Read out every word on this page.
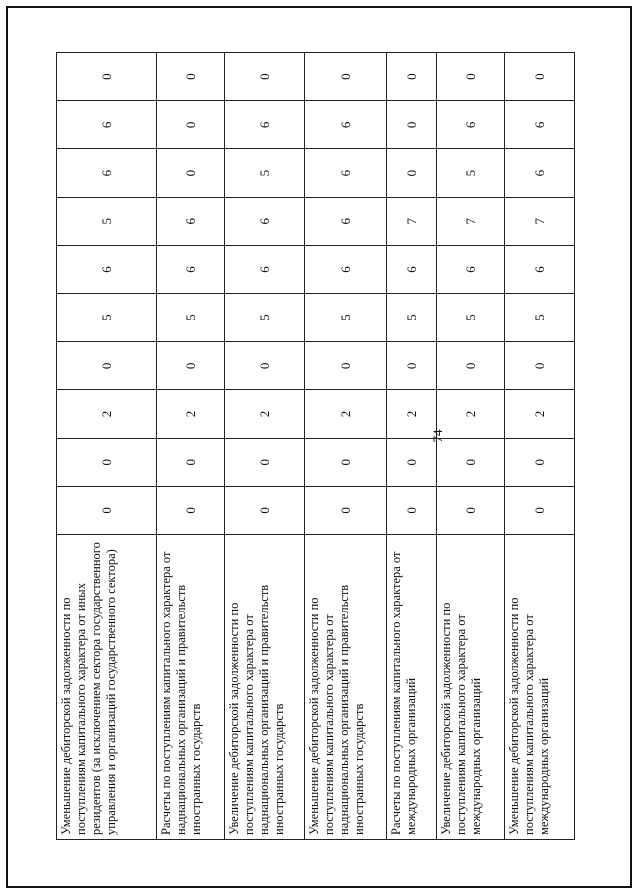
74
Уменьшение дебиторской задолженности по поступлениям капитального характера от иных резидентов (за исключением сектора государственного управления и организаций государственного сектора)	0	0	2	0	5	6	5	6	6	0
Расчеты по поступлениям капитального характера от наднациональных организаций и правительств иностранных государств	0	0	2	0	5	6	6	0	0	0
Увеличение дебиторской задолженности по поступлениям капитального характера от наднациональных организаций и правительств иностранных государств	0	0	2	0	5	6	6	5	6	0
Уменьшение дебиторской задолженности по поступлениям капитального характера от наднациональных организаций и правительств иностранных государств	0	0	2	0	5	6	6	6	6	0
Расчеты по поступлениям капитального характера от международных организаций	0	0	2	0	5	6	7	0	0	0
Увеличение дебиторской задолженности по поступлениям капитального характера от международных организаций	0	0	2	0	5	6	7	5	6	0
Уменьшение дебиторской задолженности по поступлениям капитального характера от международных организаций	0	0	2	0	5	6	7	6	6	0
